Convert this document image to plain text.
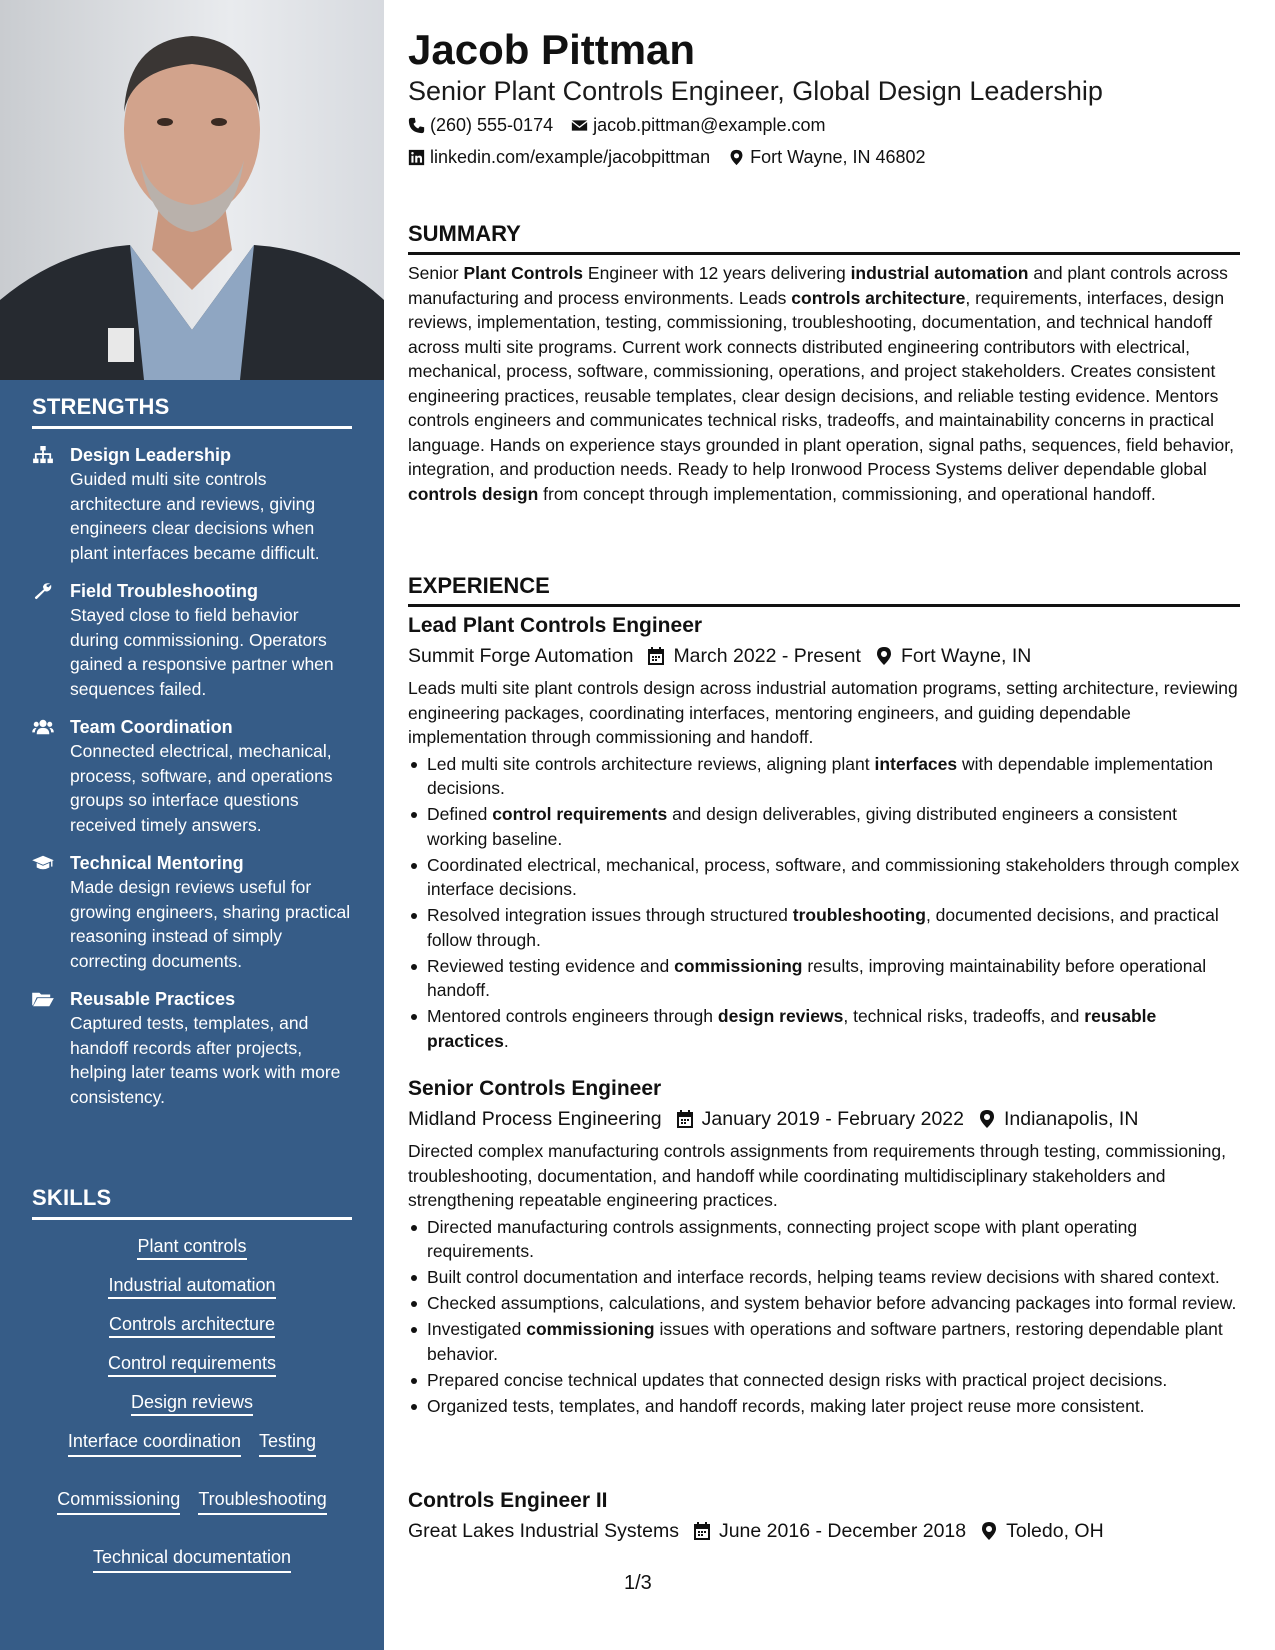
STRENGTHS
Design Leadership
Guided multi site controls architecture and reviews, giving engineers clear decisions when plant interfaces became difficult.
Field Troubleshooting
Stayed close to field behavior during commissioning. Operators gained a responsive partner when sequences failed.
Team Coordination
Connected electrical, mechanical, process, software, and operations groups so interface questions received timely answers.
Technical Mentoring
Made design reviews useful for growing engineers, sharing practical reasoning instead of simply correcting documents.
Reusable Practices
Captured tests, templates, and handoff records after projects, helping later teams work with more consistency.
SKILLS
Plant controls
Industrial automation
Controls architecture
Control requirements
Design reviews
Interface coordination Testing
Commissioning Troubleshooting
Technical documentation
Jacob Pittman
Senior Plant Controls Engineer, Global Design Leadership
(260) 555-0174 jacob.pittman@example.com
linkedin.com/example/jacobpittman Fort Wayne, IN 46802
SUMMARY
Senior Plant Controls Engineer with 12 years delivering industrial automation and plant controls across manufacturing and process environments. Leads controls architecture, requirements, interfaces, design reviews, implementation, testing, commissioning, troubleshooting, documentation, and technical handoff across multi site programs. Current work connects distributed engineering contributors with electrical, mechanical, process, software, commissioning, operations, and project stakeholders. Creates consistent engineering practices, reusable templates, clear design decisions, and reliable testing evidence. Mentors controls engineers and communicates technical risks, tradeoffs, and maintainability concerns in practical language. Hands on experience stays grounded in plant operation, signal paths, sequences, field behavior, integration, and production needs. Ready to help Ironwood Process Systems deliver dependable global controls design from concept through implementation, commissioning, and operational handoff.
EXPERIENCE
Lead Plant Controls Engineer
Summit Forge Automation March 2022 - Present Fort Wayne, IN
Leads multi site plant controls design across industrial automation programs, setting architecture, reviewing engineering packages, coordinating interfaces, mentoring engineers, and guiding dependable implementation through commissioning and handoff.
Led multi site controls architecture reviews, aligning plant interfaces with dependable implementation decisions.
Defined control requirements and design deliverables, giving distributed engineers a consistent working baseline.
Coordinated electrical, mechanical, process, software, and commissioning stakeholders through complex interface decisions.
Resolved integration issues through structured troubleshooting, documented decisions, and practical follow through.
Reviewed testing evidence and commissioning results, improving maintainability before operational handoff.
Mentored controls engineers through design reviews, technical risks, tradeoffs, and reusable practices.
Senior Controls Engineer
Midland Process Engineering January 2019 - February 2022 Indianapolis, IN
Directed complex manufacturing controls assignments from requirements through testing, commissioning, troubleshooting, documentation, and handoff while coordinating multidisciplinary stakeholders and strengthening repeatable engineering practices.
Directed manufacturing controls assignments, connecting project scope with plant operating requirements.
Built control documentation and interface records, helping teams review decisions with shared context.
Checked assumptions, calculations, and system behavior before advancing packages into formal review.
Investigated commissioning issues with operations and software partners, restoring dependable plant behavior.
Prepared concise technical updates that connected design risks with practical project decisions.
Organized tests, templates, and handoff records, making later project reuse more consistent.
Controls Engineer II
Great Lakes Industrial Systems June 2016 - December 2018 Toledo, OH
1/3
